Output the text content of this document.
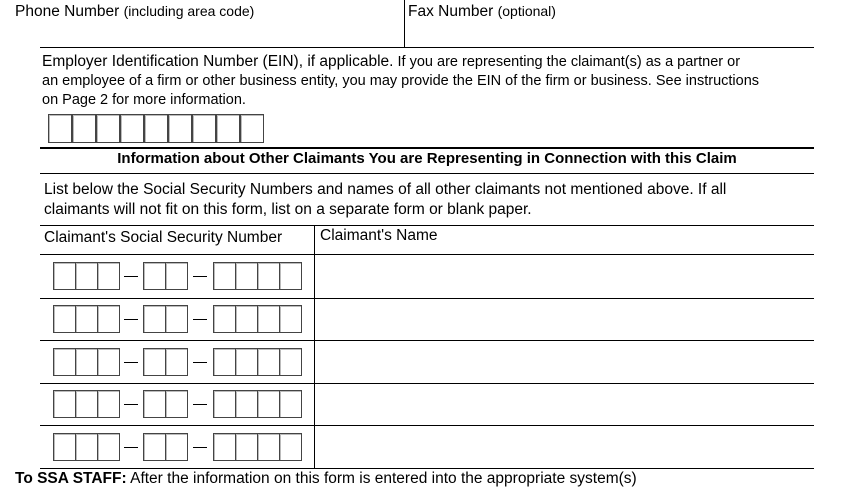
Phone Number (including area code)	Fax Number (optional)
Employer Identification Number (EIN), if applicable. If you are representing the claimant(s) as a partner or
an employee of a firm or other business entity, you may provide the EIN of the firm or business. See instructions
on Page 2 for more information.
Information about Other Claimants You are Representing in Connection with this Claim
List below the Social Security Numbers and names of all other claimants not mentioned above. If all
claimants will not fit on this form, list on a separate form or blank paper.
Claimant's Social Security Number Claimant's Name
To SSA STAFF: After the information on this form is entered into the appropriate system(s)
